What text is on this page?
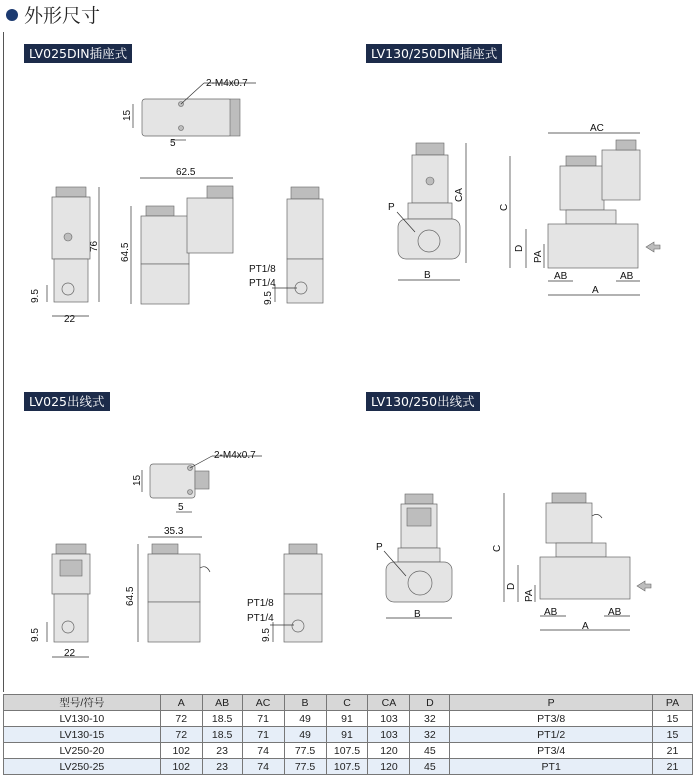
外形尺寸
LV025DIN插座式	LV130/250DIN插座式
LV025出线式	LV130/250出线式
2-M4x0.7
15
5
76
9.5
22
62.5
64.5
PT1/8
PT1/4
9.5
P
CA
B
AC
C
D
PA
AB	AB
A
2-M4x0.7
15
5
9.5
22
35.3
64.5	PT1/8
PT1/4
9.5
P
B
C
D
PA
AB	AB
A
型号/符号	A	AB	AC	B	C	CA	D	P	PA
LV130-10	72	18.5	71	49	91	103	32	PT3/8	15
LV130-15	72	18.5	71	49	91	103	32	PT1/2	15
LV250-20	102	23	74	77.5	107.5	120	45	PT3/4	21
LV250-25	102	23	74	77.5	107.5	120	45	PT1	21
